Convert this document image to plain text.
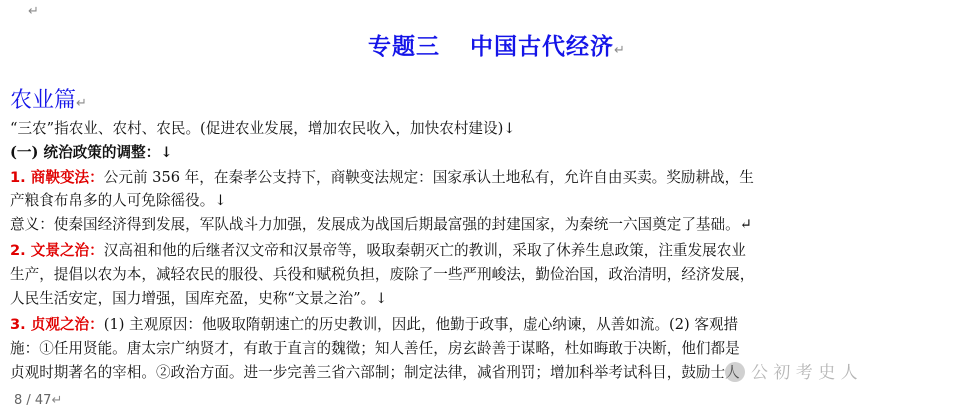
↵
专题三 中国古代经济↵
农业篇↵
“三农”指农业、农村、农民。(促进农业发展，增加农民收入，加快农村建设)↓
(一) 统治政策的调整：↓
1. 商鞅变法：公元前 356 年，在秦孝公支持下，商鞅变法规定：国家承认土地私有，允许自由买卖。奖励耕战，生
产粮食布帛多的人可免除徭役。↓
意义：使秦国经济得到发展，军队战斗力加强，发展成为战国后期最富强的封建国家，为秦统一六国奠定了基础。↵
2. 文景之治：汉高祖和他的后继者汉文帝和汉景帝等，吸取秦朝灭亡的教训，采取了休养生息政策，注重发展农业
生产，提倡以农为本，减轻农民的服役、兵役和赋税负担，废除了一些严刑峻法，勤俭治国，政治清明，经济发展，
人民生活安定，国力增强，国库充盈，史称“文景之治”。↓
3. 贞观之治：(1) 主观原因：他吸取隋朝速亡的历史教训，因此，他勤于政事，虚心纳谏，从善如流。(2) 客观措
施：①任用贤能。唐太宗广纳贤才，有敢于直言的魏徵；知人善任，房玄龄善于谋略，杜如晦敢于决断，他们都是
贞观时期著名的宰相。②政治方面。进一步完善三省六部制；制定法律，减省刑罚；增加科举考试科目，鼓励士人 公 初 考 史 人
8 / 47↵
